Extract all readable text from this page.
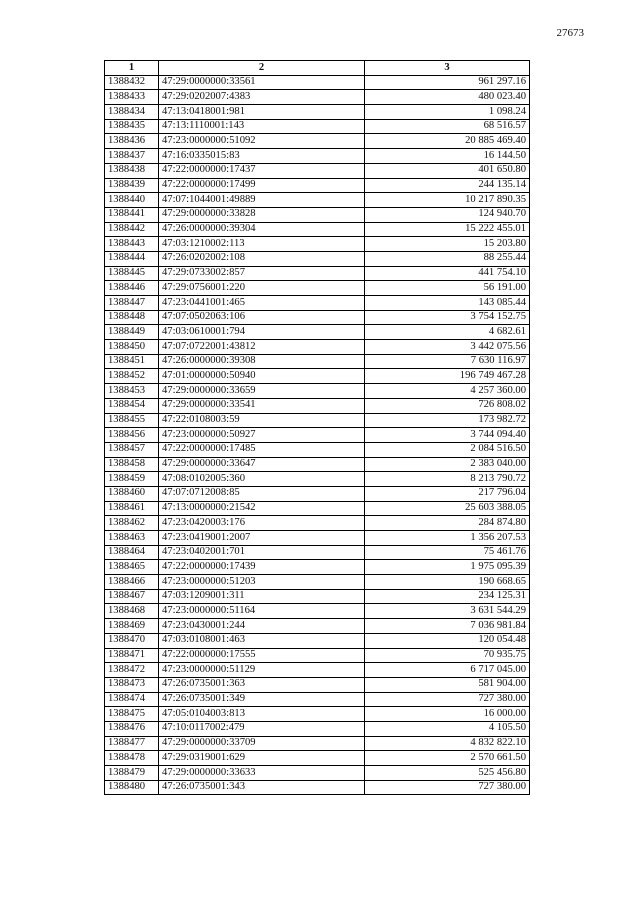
27673
1	2	3
1388432	47:29:0000000:33561	961 297.16
1388433	47:29:0202007:4383	480 023.40
1388434	47:13:0418001:981	1 098.24
1388435	47:13:1110001:143	68 516.57
1388436	47:23:0000000:51092	20 885 469.40
1388437	47:16:0335015:83	16 144.50
1388438	47:22:0000000:17437	401 650.80
1388439	47:22:0000000:17499	244 135.14
1388440	47:07:1044001:49889	10 217 890.35
1388441	47:29:0000000:33828	124 940.70
1388442	47:26:0000000:39304	15 222 455.01
1388443	47:03:1210002:113	15 203.80
1388444	47:26:0202002:108	88 255.44
1388445	47:29:0733002:857	441 754.10
1388446	47:29:0756001:220	56 191.00
1388447	47:23:0441001:465	143 085.44
1388448	47:07:0502063:106	3 754 152.75
1388449	47:03:0610001:794	4 682.61
1388450	47:07:0722001:43812	3 442 075.56
1388451	47:26:0000000:39308	7 630 116.97
1388452	47:01:0000000:50940	196 749 467.28
1388453	47:29:0000000:33659	4 257 360.00
1388454	47:29:0000000:33541	726 808.02
1388455	47:22:0108003:59	173 982.72
1388456	47:23:0000000:50927	3 744 094.40
1388457	47:22:0000000:17485	2 084 516.50
1388458	47:29:0000000:33647	2 383 040.00
1388459	47:08:0102005:360	8 213 790.72
1388460	47:07:0712008:85	217 796.04
1388461	47:13:0000000:21542	25 603 388.05
1388462	47:23:0420003:176	284 874.80
1388463	47:23:0419001:2007	1 356 207.53
1388464	47:23:0402001:701	75 461.76
1388465	47:22:0000000:17439	1 975 095.39
1388466	47:23:0000000:51203	190 668.65
1388467	47:03:1209001:311	234 125.31
1388468	47:23:0000000:51164	3 631 544.29
1388469	47:23:0430001:244	7 036 981.84
1388470	47:03:0108001:463	120 054.48
1388471	47:22:0000000:17555	70 935.75
1388472	47:23:0000000:51129	6 717 045.00
1388473	47:26:0735001:363	581 904.00
1388474	47:26:0735001:349	727 380.00
1388475	47:05:0104003:813	16 000.00
1388476	47:10:0117002:479	4 105.50
1388477	47:29:0000000:33709	4 832 822.10
1388478	47:29:0319001:629	2 570 661.50
1388479	47:29:0000000:33633	525 456.80
1388480	47:26:0735001:343	727 380.00
